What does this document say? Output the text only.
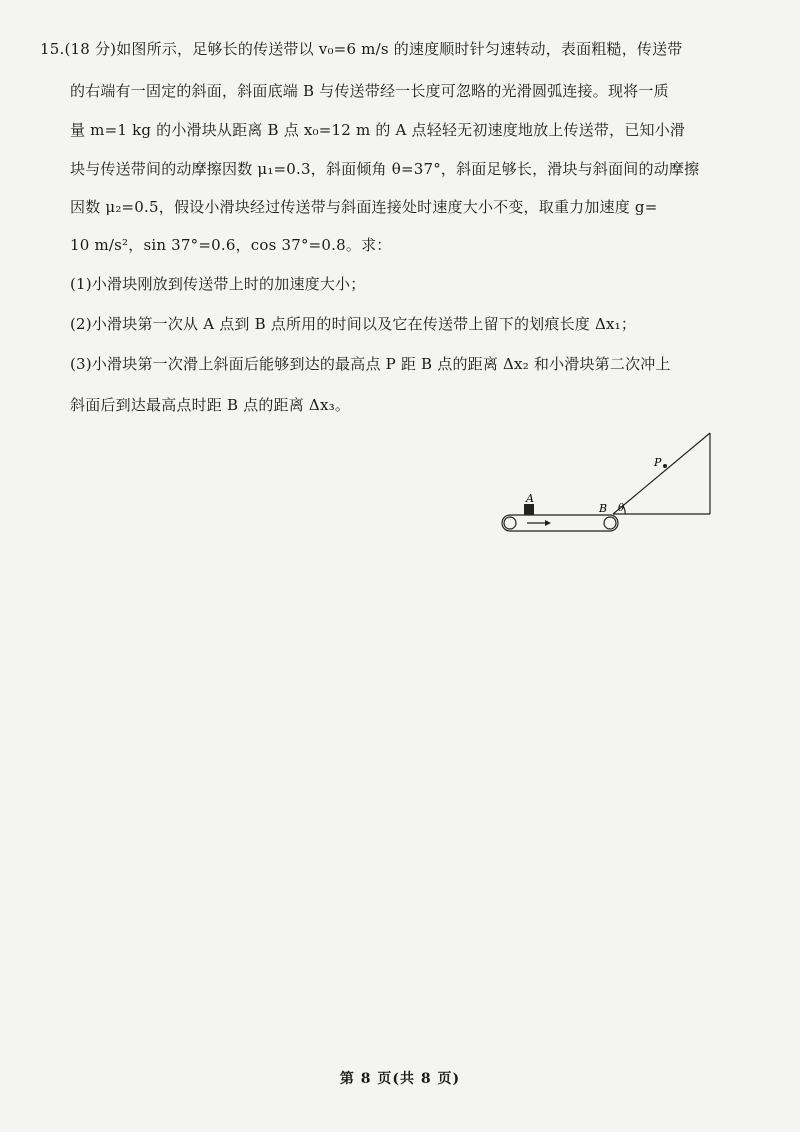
15.(18 分)如图所示，足够长的传送带以 v₀=6 m/s 的速度顺时针匀速转动，表面粗糙，传送带
的右端有一固定的斜面，斜面底端 B 与传送带经一长度可忽略的光滑圆弧连接。现将一质
量 m=1 kg 的小滑块从距离 B 点 x₀=12 m 的 A 点轻轻无初速度地放上传送带，已知小滑
块与传送带间的动摩擦因数 μ₁=0.3，斜面倾角 θ=37°，斜面足够长，滑块与斜面间的动摩擦
因数 μ₂=0.5，假设小滑块经过传送带与斜面连接处时速度大小不变，取重力加速度 g=
10 m/s²，sin 37°=0.6，cos 37°=0.8。求：
(1)小滑块刚放到传送带上时的加速度大小；
(2)小滑块第一次从 A 点到 B 点所用的时间以及它在传送带上留下的划痕长度 Δx₁；
(3)小滑块第一次滑上斜面后能够到达的最高点 P 距 B 点的距离 Δx₂ 和小滑块第二次冲上
斜面后到达最高点时距 B 点的距离 Δx₃。
A
P
B θ
第 8 页(共 8 页)
